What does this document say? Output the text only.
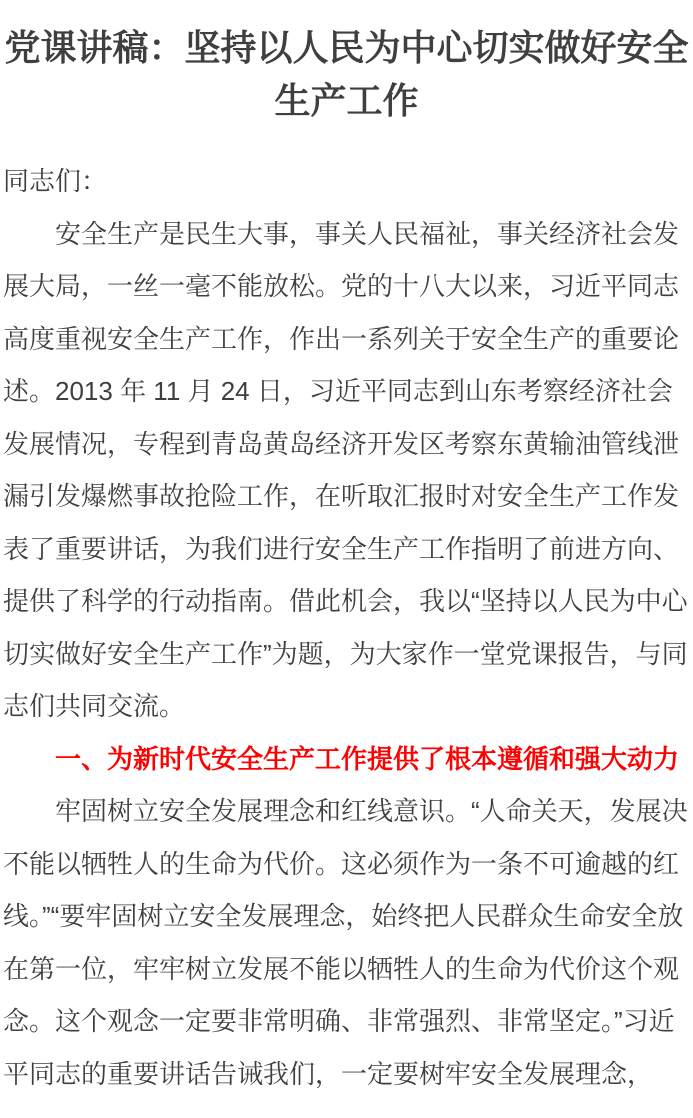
党课讲稿：坚持以人民为中心切实做好安全生产工作

同志们：

安全生产是民生大事，事关人民福祉，事关经济社会发展大局，一丝一毫不能放松。党的十八大以来，习近平同志高度重视安全生产工作，作出一系列关于安全生产的重要论述。2013 年 11 月 24 日，习近平同志到山东考察经济社会发展情况，专程到青岛黄岛经济开发区考察东黄输油管线泄漏引发爆燃事故抢险工作，在听取汇报时对安全生产工作发表了重要讲话，为我们进行安全生产工作指明了前进方向、提供了科学的行动指南。借此机会，我以“坚持以人民为中心切实做好安全生产工作”为题，为大家作一堂党课报告，与同志们共同交流。

一、为新时代安全生产工作提供了根本遵循和强大动力

牢固树立安全发展理念和红线意识。“人命关天，发展决不能以牺牲人的生命为代价。这必须作为一条不可逾越的红线。”“要牢固树立安全发展理念，始终把人民群众生命安全放在第一位，牢牢树立发展不能以牺牲人的生命为代价这个观念。这个观念一定要非常明确、非常强烈、非常坚定。”习近平同志的重要讲话告诫我们，一定要树牢安全发展理念，
